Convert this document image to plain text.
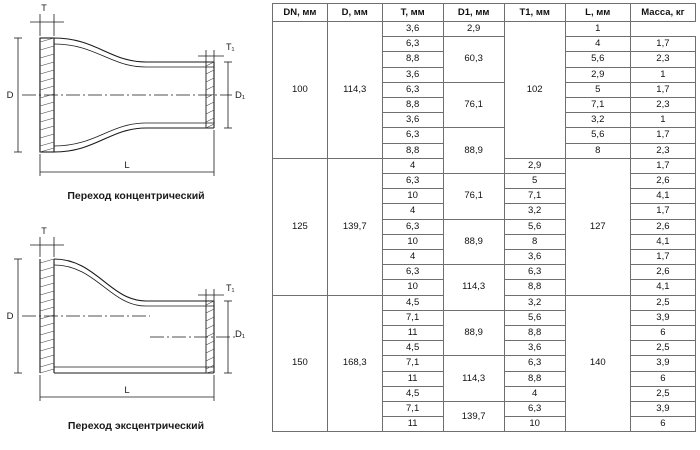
T
T₁
D	D₁
L
Переход концентрический
T
T₁
D
D₁
L
Переход эксцентрический
DN, мм	D, мм	T, мм	D1, мм	T1, мм	L, мм	Масса, кг
100	114,3	3,6	2,9	102	1	
		6,3	60,3		4	1,7
		8,8			5,6	2,3
		3,6			2,9	1
		6,3	76,1		5	1,7
		8,8			7,1	2,3
		3,6			3,2	1
		6,3	88,9		5,6	1,7
		8,8			8	2,3
125	139,7	4		2,9	127	1,7
		6,3	76,1	5		2,6
		10		7,1		4,1
		4		3,2		1,7
		6,3	88,9	5,6		2,6
		10		8		4,1
		4		3,6		1,7
		6,3	114,3	6,3		2,6
		10		8,8		4,1
150	168,3	4,5		3,2	140	2,5
		7,1	88,9	5,6		3,9
		11		8,8		6
		4,5		3,6		2,5
		7,1	114,3	6,3		3,9
		11		8,8		6
		4,5		4		2,5
		7,1	139,7	6,3		3,9
		11		10		6
